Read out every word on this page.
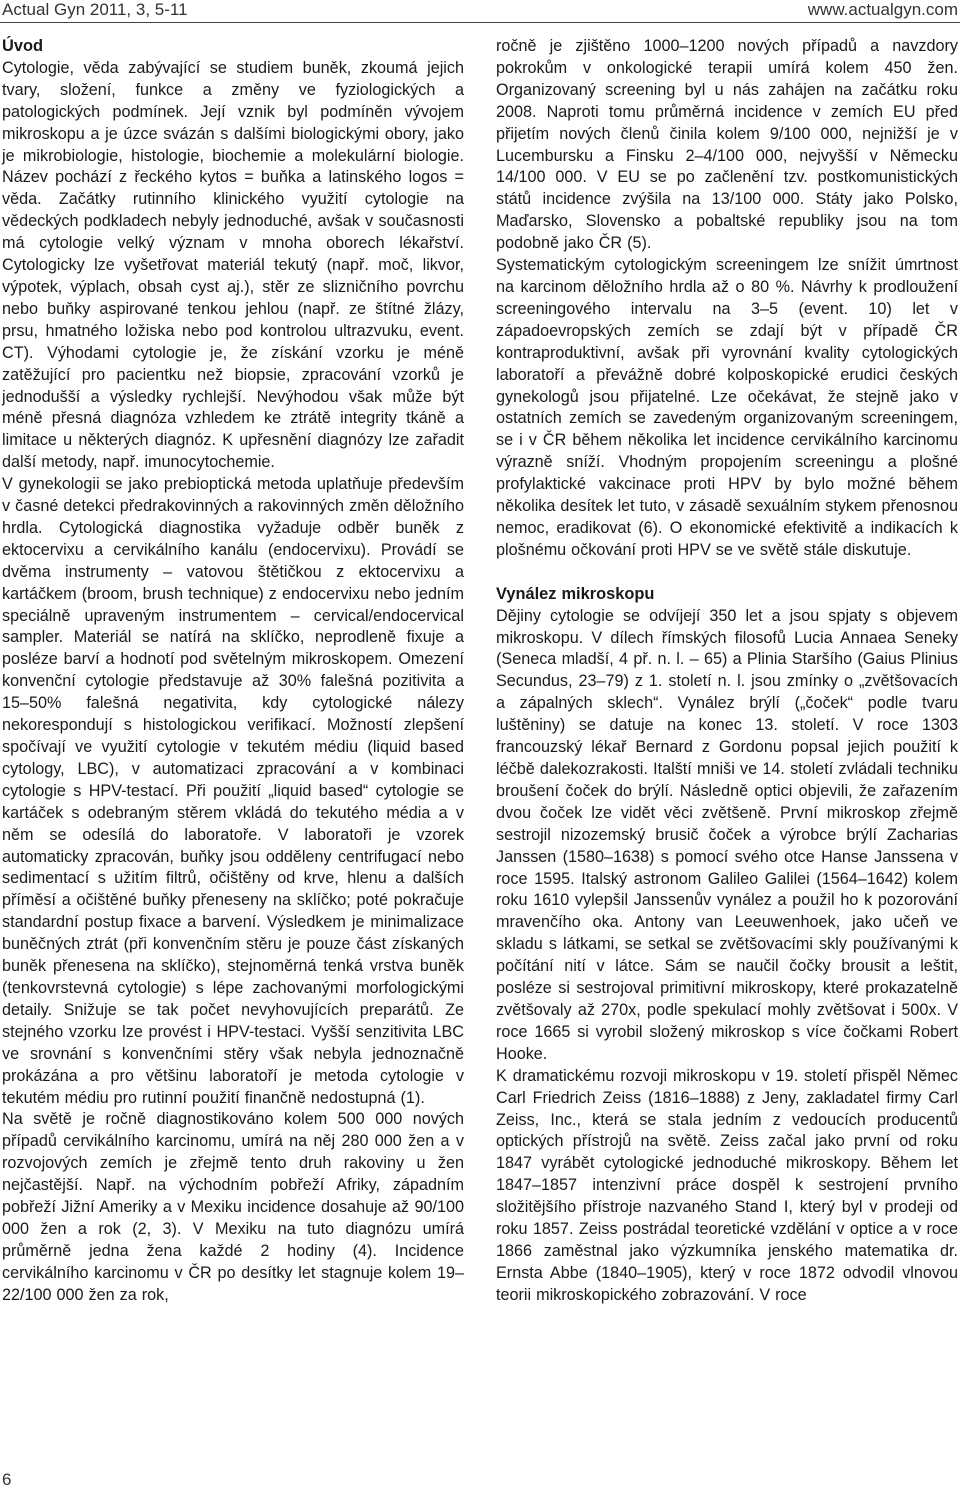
Actual Gyn 2011, 3, 5-11	www.actualgyn.com

Úvod

Cytologie, věda zabývající se studiem buněk, zkoumá jejich tvary, složení, funkce a změny ve fyziologických a patologických podmínek. Její vznik byl podmíněn vývojem mikroskopu a je úzce svázán s dalšími biologickými obory, jako je mikrobiologie, histologie, biochemie a molekulární biologie. Název pochází z řeckého kytos = buňka a latinského logos = věda. Začátky rutinního klinického využití cytologie na vědeckých podkladech nebyly jednoduché, avšak v současnosti má cytologie velký význam v mnoha oborech lékařství. Cytologicky lze vyšetřovat materiál tekutý (např. moč, likvor, výpotek, výplach, obsah cyst aj.), stěr ze slizničního povrchu nebo buňky aspirované tenkou jehlou (např. ze štítné žlázy, prsu, hmatného ložiska nebo pod kontrolou ultrazvuku, event. CT). Výhodami cytologie je, že získání vzorku je méně zatěžující pro pacientku než biopsie, zpracování vzorků je jednodušší a výsledky rychlejší. Nevýhodou však může být méně přesná diagnóza vzhledem ke ztrátě integrity tkáně a limitace u některých diagnóz. K upřesnění diagnózy lze zařadit další metody, např. imunocytochemie.

V gynekologii se jako prebioptická metoda uplatňuje především v časné detekci předrakovinných a rakovinných změn děložního hrdla. Cytologická diagnostika vyžaduje odběr buněk z ektocervixu a cervikálního kanálu (endocervixu). Provádí se dvěma instrumenty – vatovou štětičkou z ektocervixu a kartáčkem (broom, brush technique) z endocervixu nebo jedním speciálně upraveným instrumentem – cervical/endocervical sampler. Materiál se natírá na sklíčko, neprodleně fixuje a posléze barví a hodnotí pod světelným mikroskopem. Omezení konvenční cytologie představuje až 30% falešná pozitivita a 15–50% falešná negativita, kdy cytologické nálezy nekorespondují s histologickou verifikací. Možností zlepšení spočívají ve využití cytologie v tekutém médiu (liquid based cytology, LBC), v automatizaci zpracování a v kombinaci cytologie s HPV-testací. Při použití „liquid based“ cytologie se kartáček s odebraným stěrem vkládá do tekutého média a v něm se odesílá do laboratoře. V laboratoři je vzorek automaticky zpracován, buňky jsou odděleny centrifugací nebo sedimentací s užitím filtrů, očištěny od krve, hlenu a dalších příměsí a očištěné buňky přeneseny na sklíčko; poté pokračuje standardní postup fixace a barvení. Výsledkem je minimalizace buněčných ztrát (při konvenčním stěru je pouze část získaných buněk přenesena na sklíčko), stejnoměrná tenká vrstva buněk (tenkovrstevná cytologie) s lépe zachovanými morfologickými detaily. Snižuje se tak počet nevyhovujících preparátů. Ze stejného vzorku lze provést i HPV-testaci. Vyšší senzitivita LBC ve srovnání s konvenčními stěry však nebyla jednoznačně prokázána a pro většinu laboratoří je metoda cytologie v tekutém médiu pro rutinní použití finančně nedostupná (1).

Na světě je ročně diagnostikováno kolem 500 000 nových případů cervikálního karcinomu, umírá na něj 280 000 žen a v rozvojových zemích je zřejmě tento druh rakoviny u žen nejčastější. Např. na východním pobřeží Afriky, západním pobřeží Jižní Ameriky a v Mexiku incidence dosahuje až 90/100 000 žen a rok (2, 3). V Mexiku na tuto diagnózu umírá průměrně jedna žena každé 2 hodiny (4). Incidence cervikálního karcinomu v ČR po desítky let stagnuje kolem 19–22/100 000 žen za rok,

ročně je zjištěno 1000–1200 nových případů a navzdory pokrokům v onkologické terapii umírá kolem 450 žen. Organizovaný screening byl u nás zahájen na začátku roku 2008. Naproti tomu průměrná incidence v zemích EU před přijetím nových členů činila kolem 9/100 000, nejnižší je v Lucembursku a Finsku 2–4/100 000, nejvyšší v Německu 14/100 000. V EU se po začlenění tzv. postkomunistických států incidence zvýšila na 13/100 000. Státy jako Polsko, Maďarsko, Slovensko a pobaltské republiky jsou na tom podobně jako ČR (5).

Systematickým cytologickým screeningem lze snížit úmrtnost na karcinom děložního hrdla až o 80 %. Návrhy k prodloužení screeningového intervalu na 3–5 (event. 10) let v západoevropských zemích se zdají být v případě ČR kontraproduktivní, avšak při vyrovnání kvality cytologických laboratoří a převážně dobré kolposkopické erudici českých gynekologů jsou přijatelné. Lze očekávat, že stejně jako v ostatních zemích se zavedeným organizovaným screeningem, se i v ČR během několika let incidence cervikálního karcinomu výrazně sníží. Vhodným propojením screeningu a plošné profylaktické vakcinace proti HPV by bylo možné během několika desítek let tuto, v zásadě sexuálním stykem přenosnou nemoc, eradikovat (6). O ekonomické efektivitě a indikacích k plošnému očkování proti HPV se ve světě stále diskutuje.

Vynález mikroskopu

Dějiny cytologie se odvíjejí 350 let a jsou spjaty s objevem mikroskopu. V dílech římských filosofů Lucia Annaea Seneky (Seneca mladší, 4 př. n. l. – 65) a Plinia Staršího (Gaius Plinius Secundus, 23–79) z 1. století n. l. jsou zmínky o „zvětšovacích a zápalných sklech“. Vynález brýlí („čoček“ podle tvaru luštěniny) se datuje na konec 13. století. V roce 1303 francouzský lékař Bernard z Gordonu popsal jejich použití k léčbě dalekozrakosti. Italští mniši ve 14. století zvládali techniku broušení čoček do brýlí. Následně optici objevili, že zařazením dvou čoček lze vidět věci zvětšeně. První mikroskop zřejmě sestrojil nizozemský brusič čoček a výrobce brýlí Zacharias Janssen (1580–1638) s pomocí svého otce Hanse Janssena v roce 1595. Italský astronom Galileo Galilei (1564–1642) kolem roku 1610 vylepšil Janssenův vynález a použil ho k pozorování mravenčího oka. Antony van Leeuwenhoek, jako učeň ve skladu s látkami, se setkal se zvětšovacími skly používanými k počítání nití v látce. Sám se naučil čočky brousit a leštit, posléze si sestrojoval primitivní mikroskopy, které prokazatelně zvětšovaly až 270x, podle spekulací mohly zvětšovat i 500x. V roce 1665 si vyrobil složený mikroskop s více čočkami Robert Hooke.

K dramatickému rozvoji mikroskopu v 19. století přispěl Němec Carl Friedrich Zeiss (1816–1888) z Jeny, zakladatel firmy Carl Zeiss, Inc., která se stala jedním z vedoucích producentů optických přístrojů na světě. Zeiss začal jako první od roku 1847 vyrábět cytologické jednoduché mikroskopy. Během let 1847–1857 intenzivní práce dospěl k sestrojení prvního složitějšího přístroje nazvaného Stand I, který byl v prodeji od roku 1857. Zeiss postrádal teoretické vzdělání v optice a v roce 1866 zaměstnal jako výzkumníka jenského matematika dr. Ernsta Abbe (1840–1905), který v roce 1872 odvodil vlnovou teorii mikroskopického zobrazování. V roce

6
